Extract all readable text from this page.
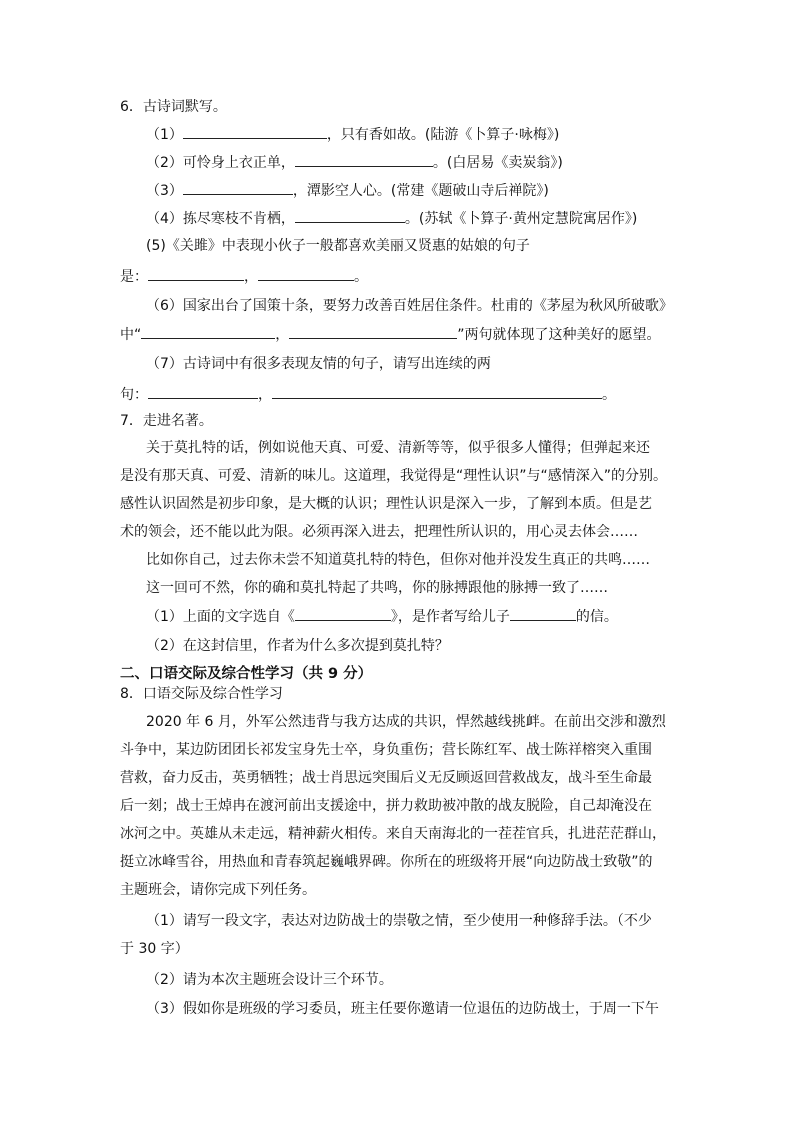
6．古诗词默写。
（1）	，只有香如故。(陆游《卜算子·咏梅》)
（2）可怜身上衣正单，	。(白居易《卖炭翁》)
（3）	，潭影空人心。(常建《题破山寺后禅院》)
（4）拣尽寒枝不肯栖，	。(苏轼《卜算子·黄州定慧院寓居作》)
(5)《关雎》中表现小伙子一般都喜欢美丽又贤惠的姑娘的句子
是：	，	。
（6）国家出台了国策十条，要努力改善百姓居住条件。杜甫的《茅屋为秋风所破歌》
中“	，	”两句就体现了这种美好的愿望。
（7）古诗词中有很多表现友情的句子，请写出连续的两
句：	，	。
7．走进名著。
关于莫扎特的话，例如说他天真、可爱、清新等等，似乎很多人懂得；但弹起来还
是没有那天真、可爱、清新的味儿。这道理，我觉得是“理性认识”与“感情深入”的分别。
感性认识固然是初步印象，是大概的认识；理性认识是深入一步，了解到本质。但是艺
术的领会，还不能以此为限。必须再深入进去，把理性所认识的，用心灵去体会……
比如你自己，过去你未尝不知道莫扎特的特色，但你对他并没发生真正的共鸣……
这一回可不然，你的确和莫扎特起了共鸣，你的脉搏跟他的脉搏一致了……
（1）上面的文字选自《	》，是作者写给儿子	的信。
（2）在这封信里，作者为什么多次提到莫扎特？
二、口语交际及综合性学习（共 9 分）
8．口语交际及综合性学习
2020 年 6 月，外军公然违背与我方达成的共识，悍然越线挑衅。在前出交涉和激烈
斗争中，某边防团团长祁发宝身先士卒，身负重伤；营长陈红军、战士陈祥榕突入重围
营救，奋力反击，英勇牺牲；战士肖思远突围后义无反顾返回营救战友，战斗至生命最
后一刻；战士王焯冉在渡河前出支援途中，拼力救助被冲散的战友脱险，自己却淹没在
冰河之中。英雄从未走远，精神薪火相传。来自天南海北的一茬茬官兵，扎进茫茫群山，
挺立冰峰雪谷，用热血和青春筑起巍峨界碑。你所在的班级将开展“向边防战士致敬”的
主题班会，请你完成下列任务。
（1）请写一段文字，表达对边防战士的崇敬之情，至少使用一种修辞手法。（不少
于 30 字）
（2）请为本次主题班会设计三个环节。
（3）假如你是班级的学习委员，班主任要你邀请一位退伍的边防战士，于周一下午
